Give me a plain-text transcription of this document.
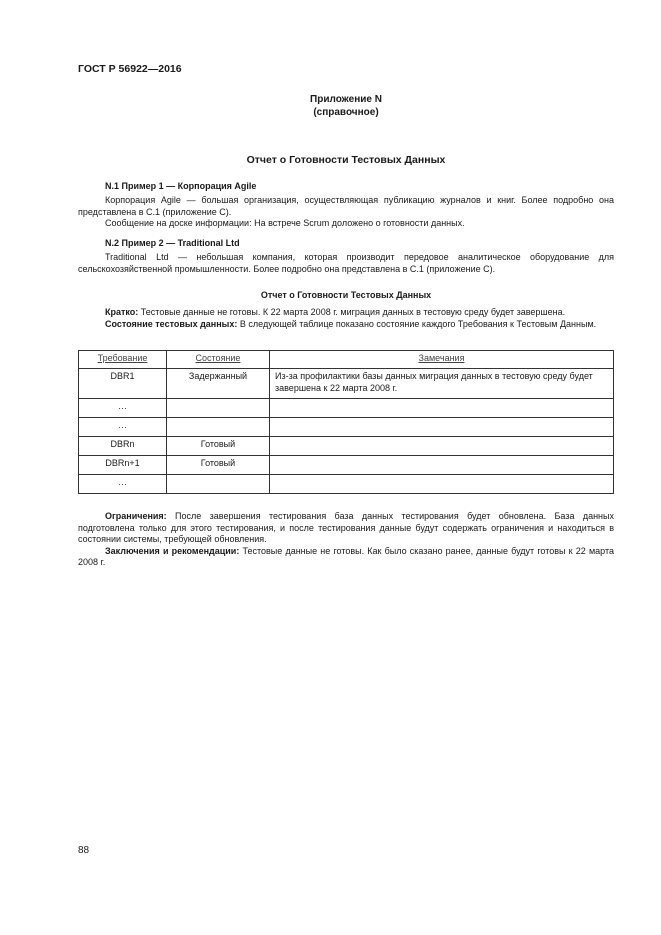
ГОСТ Р 56922—2016
Приложение N
(справочное)
Отчет о Готовности Тестовых Данных
N.1 Пример 1 — Корпорация Agile

Корпорация Agile — большая организация, осуществляющая публикацию журналов и книг. Более подробно она представлена в С.1 (приложение С).

Сообщение на доске информации: На встрече Scrum доложено о готовности данных.

N.2 Пример 2 — Traditional Ltd

Traditional Ltd — небольшая компания, которая производит передовое аналитическое оборудование для сельскохозяйственной промышленности. Более подробно она представлена в С.1 (приложение С).

Отчет о Готовности Тестовых Данных

Кратко: Тестовые данные не готовы. К 22 марта 2008 г. миграция данных в тестовую среду будет завершена.

Состояние тестовых данных: В следующей таблице показано состояние каждого Требования к Тестовым Данным.

Требование	Состояние	Замечания
DBR1	Задержанный	Из-за профилактики базы данных миграция данных в тестовую среду будет завершена к 22 марта 2008 г.
…		
…		
DBRn	Готовый	
DBRn+1	Готовый	
…		

Ограничения: После завершения тестирования база данных тестирования будет обновлена. База данных подготовлена только для этого тестирования, и после тестирования данные будут содержать ограничения и находиться в состоянии системы, требующей обновления.

Заключения и рекомендации: Тестовые данные не готовы. Как было сказано ранее, данные будут готовы к 22 марта 2008 г.

88
